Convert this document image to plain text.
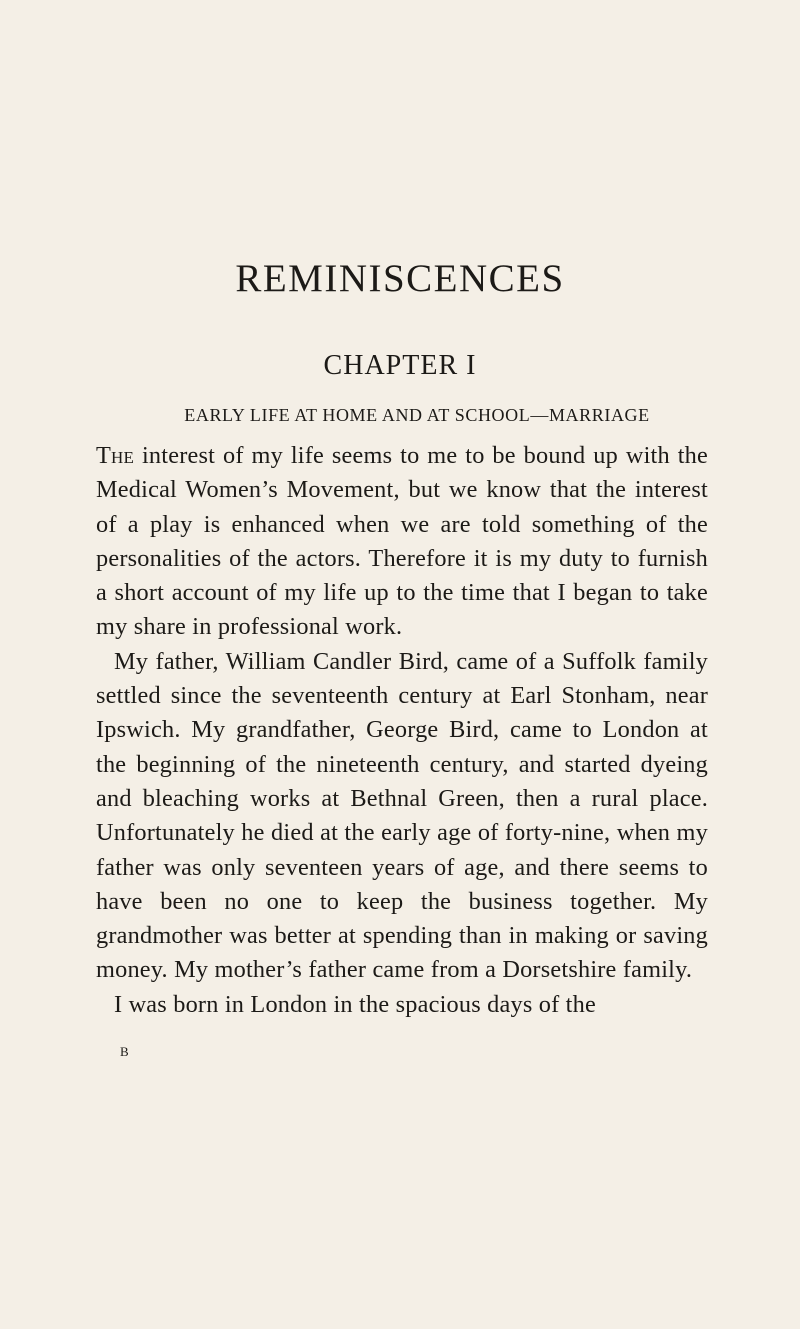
REMINISCENCES
CHAPTER I
EARLY LIFE AT HOME AND AT SCHOOL—MARRIAGE

The interest of my life seems to me to be bound up with the Medical Women’s Movement, but we know that the interest of a play is enhanced when we are told something of the personalities of the actors. Therefore it is my duty to furnish a short account of my life up to the time that I began to take my share in professional work.

My father, William Candler Bird, came of a Suffolk family settled since the seventeenth century at Earl Stonham, near Ipswich. My grandfather, George Bird, came to London at the beginning of the nineteenth century, and started dyeing and bleaching works at Bethnal Green, then a rural place. Unfortunately he died at the early age of forty-nine, when my father was only seventeen years of age, and there seems to have been no one to keep the business together. My grandmother was better at spending than in making or saving money. My mother’s father came from a Dorsetshire family.

I was born in London in the spacious days of the

B
